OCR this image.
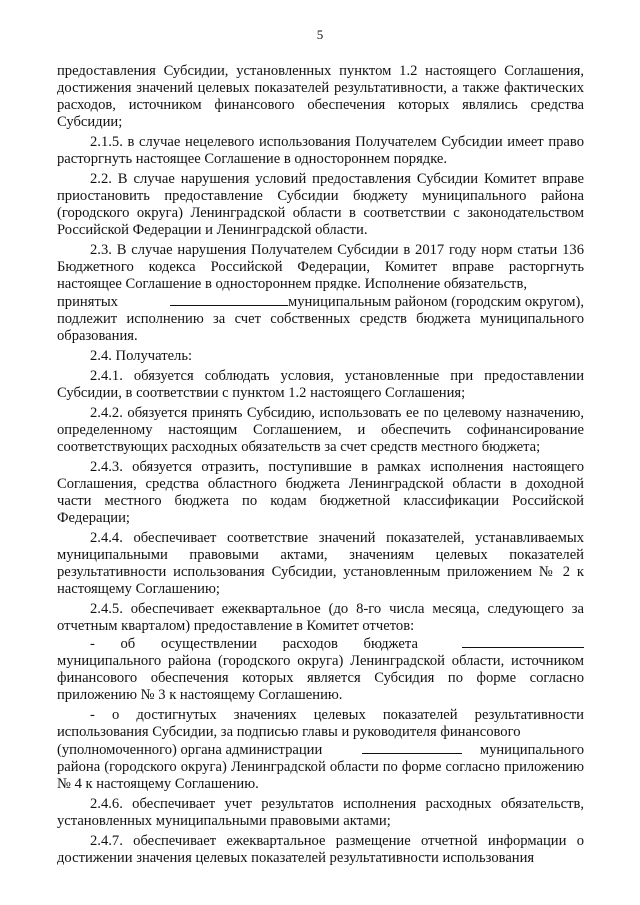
5

предоставления Субсидии, установленных пунктом 1.2 настоящего Соглашения, достижения значений целевых показателей результативности, а также фактических расходов, источником финансового обеспечения которых являлись средства Субсидии;

2.1.5. в случае нецелевого использования Получателем Субсидии имеет право расторгнуть настоящее Соглашение в одностороннем порядке.

2.2. В случае нарушения условий предоставления Субсидии Комитет вправе приостановить предоставление Субсидии бюджету муниципального района (городского округа) Ленинградской области в соответствии с законодательством Российской Федерации и Ленинградской области.

2.3. В случае нарушения Получателем Субсидии в 2017 году норм статьи 136 Бюджетного кодекса Российской Федерации, Комитет вправе расторгнуть настоящее Соглашение в одностороннем прядке. Исполнение обязательств,

принятых	муниципальным районом (городским округом),

подлежит исполнению за счет собственных средств бюджета муниципального образования.

2.4. Получатель:

2.4.1. обязуется соблюдать условия, установленные при предоставлении Субсидии, в соответствии с пунктом 1.2 настоящего Соглашения;

2.4.2. обязуется принять Субсидию, использовать ее по целевому назначению, определенному настоящим Соглашением, и обеспечить софинансирование соответствующих расходных обязательств за счет средств местного бюджета;

2.4.3. обязуется отразить, поступившие в рамках исполнения настоящего Соглашения, средства областного бюджета Ленинградской области в доходной части местного бюджета по кодам бюджетной классификации Российской Федерации;

2.4.4. обеспечивает соответствие значений показателей, устанавливаемых муниципальными правовыми актами, значениям целевых показателей результативности использования Субсидии, установленным приложением № 2 к настоящему Соглашению;

2.4.5. обеспечивает ежеквартальное (до 8-го числа месяца, следующего за отчетным кварталом) предоставление в Комитет отчетов:

- об осуществлении расходов бюджета

муниципального района (городского округа) Ленинградской области, источником финансового обеспечения которых является Субсидия по форме согласно приложению № 3 к настоящему Соглашению.

- о достигнутых значениях целевых показателей результативности использования Субсидии, за подписью главы и руководителя финансового

(уполномоченного) органа администрации	муниципального

района (городского округа) Ленинградской области по форме согласно приложению № 4 к настоящему Соглашению.

2.4.6. обеспечивает учет результатов исполнения расходных обязательств, установленных муниципальными правовыми актами;

2.4.7. обеспечивает ежеквартальное размещение отчетной информации о достижении значения целевых показателей результативности использования
